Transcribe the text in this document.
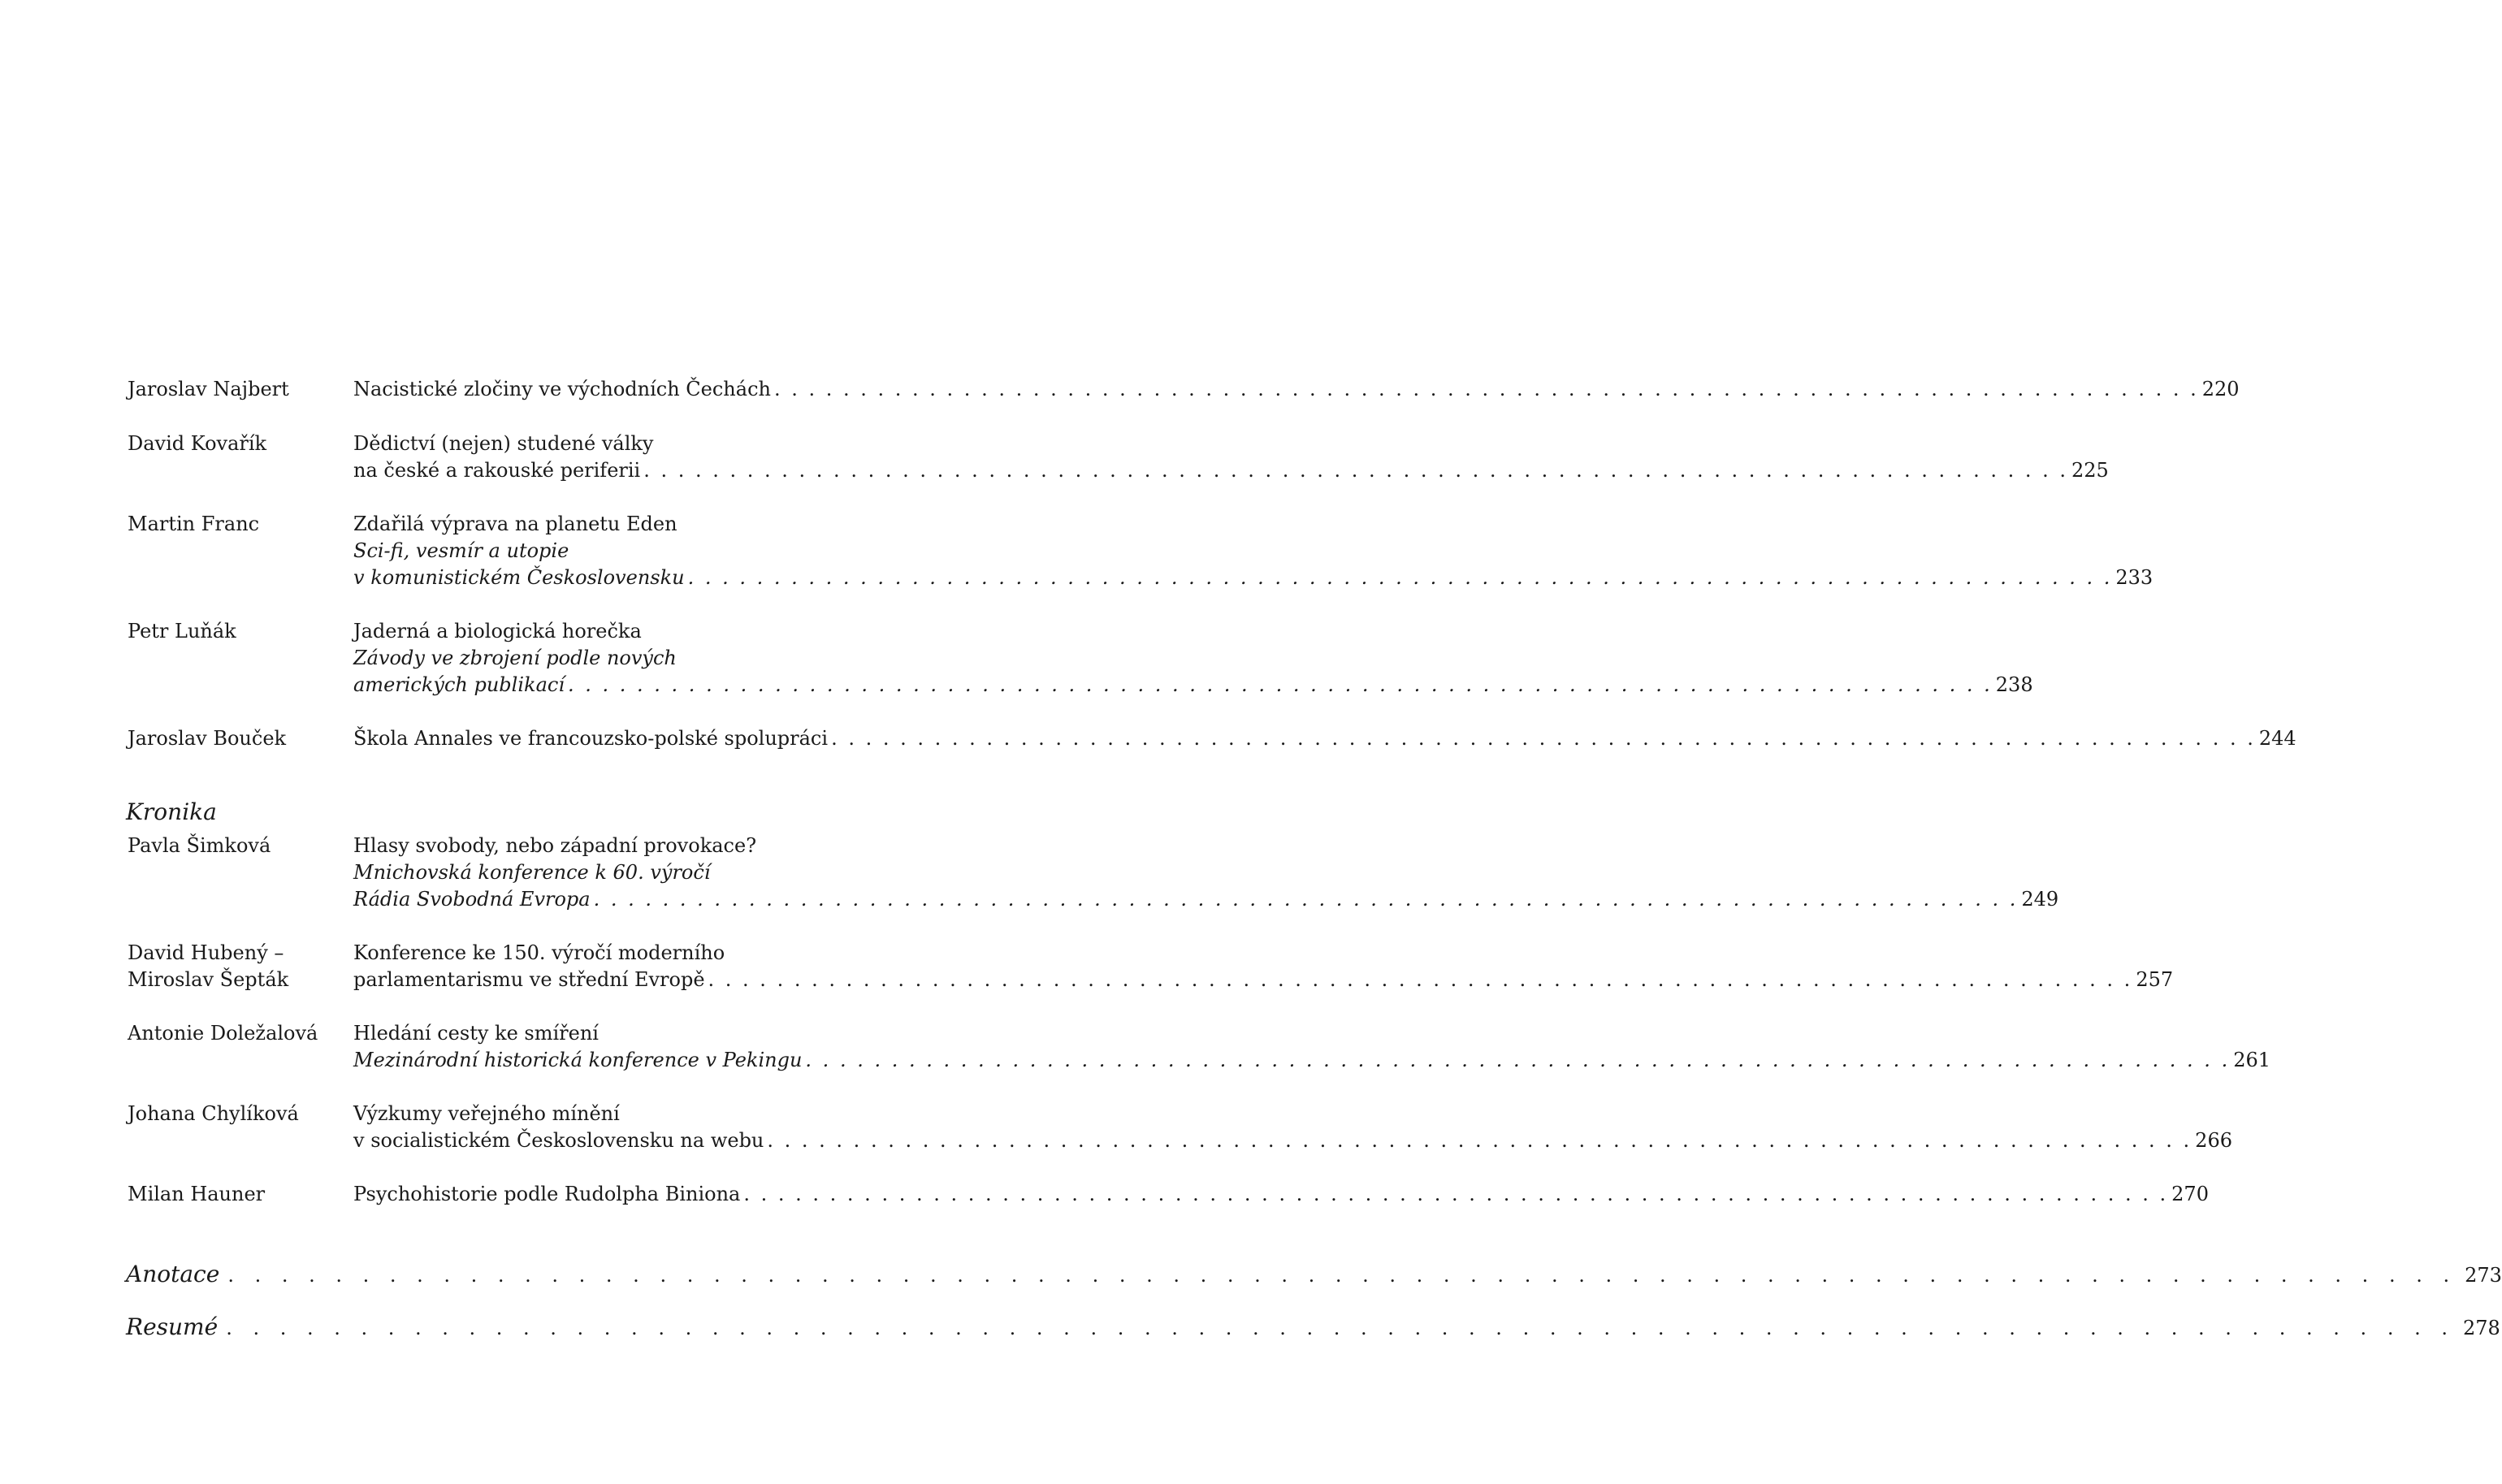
Jaroslav Najbert	Nacistické zločiny ve východních Čechách . . . . . . . . . . . . . . . . . . . . . . . . . . . . . . . . . . . . . . . . . . . . . . . . . . . . . . . . . . . . . . . . . . . . . . . . . . . . . . . . . . . 220
David Kovařík	Dědictví (nejen) studené války
na české a rakouské periferii . . . . . . . . . . . . . . . . . . . . . . . . . . . . . . . . . . . . . . . . . . . . . . . . . . . . . . . . . . . . . . . . . . . . . . . . . . . . . . . . . . . 225
Martin Franc	Zdařilá výprava na planetu Eden
Sci-fi, vesmír a utopie
v komunistickém Československu . . . . . . . . . . . . . . . . . . . . . . . . . . . . . . . . . . . . . . . . . . . . . . . . . . . . . . . . . . . . . . . . . . . . . . . . . . . . . . . . . . . 233
Petr Luňák	Jaderná a biologická horečka
Závody ve zbrojení podle nových
amerických publikací . . . . . . . . . . . . . . . . . . . . . . . . . . . . . . . . . . . . . . . . . . . . . . . . . . . . . . . . . . . . . . . . . . . . . . . . . . . . . . . . . . . 238
Jaroslav Bouček	Škola Annales ve francouzsko-polské spolupráci . . . . . . . . . . . . . . . . . . . . . . . . . . . . . . . . . . . . . . . . . . . . . . . . . . . . . . . . . . . . . . . . . . . . . . . . . . . . . . . . . . . 244
Kronika
Pavla Šimková	Hlasy svobody, nebo západní provokace?
Mnichovská konference k 60. výročí
Rádia Svobodná Evropa . . . . . . . . . . . . . . . . . . . . . . . . . . . . . . . . . . . . . . . . . . . . . . . . . . . . . . . . . . . . . . . . . . . . . . . . . . . . . . . . . . . 249
David Hubený –
Miroslav Šepták
Konference ke 150. výročí moderního
parlamentarismu ve střední Evropě . . . . . . . . . . . . . . . . . . . . . . . . . . . . . . . . . . . . . . . . . . . . . . . . . . . . . . . . . . . . . . . . . . . . . . . . . . . . . . . . . . . 257
Antonie Doležalová	Hledání cesty ke smíření
Mezinárodní historická konference v Pekingu . . . . . . . . . . . . . . . . . . . . . . . . . . . . . . . . . . . . . . . . . . . . . . . . . . . . . . . . . . . . . . . . . . . . . . . . . . . . . . . . . . . 261
Johana Chylíková	Výzkumy veřejného mínění
v socialistickém Československu na webu . . . . . . . . . . . . . . . . . . . . . . . . . . . . . . . . . . . . . . . . . . . . . . . . . . . . . . . . . . . . . . . . . . . . . . . . . . . . . . . . . . . 266
Milan Hauner	Psychohistorie podle Rudolpha Biniona . . . . . . . . . . . . . . . . . . . . . . . . . . . . . . . . . . . . . . . . . . . . . . . . . . . . . . . . . . . . . . . . . . . . . . . . . . . . . . . . . . . 270
Anotace . . . . . . . . . . . . . . . . . . . . . . . . . . . . . . . . . . . . . . . . . . . . . . . . . . . . . . . . . . . . . . . . . . . . . . . . . . . . . . . . . . . 273
Resumé . . . . . . . . . . . . . . . . . . . . . . . . . . . . . . . . . . . . . . . . . . . . . . . . . . . . . . . . . . . . . . . . . . . . . . . . . . . . . . . . . . . 278
